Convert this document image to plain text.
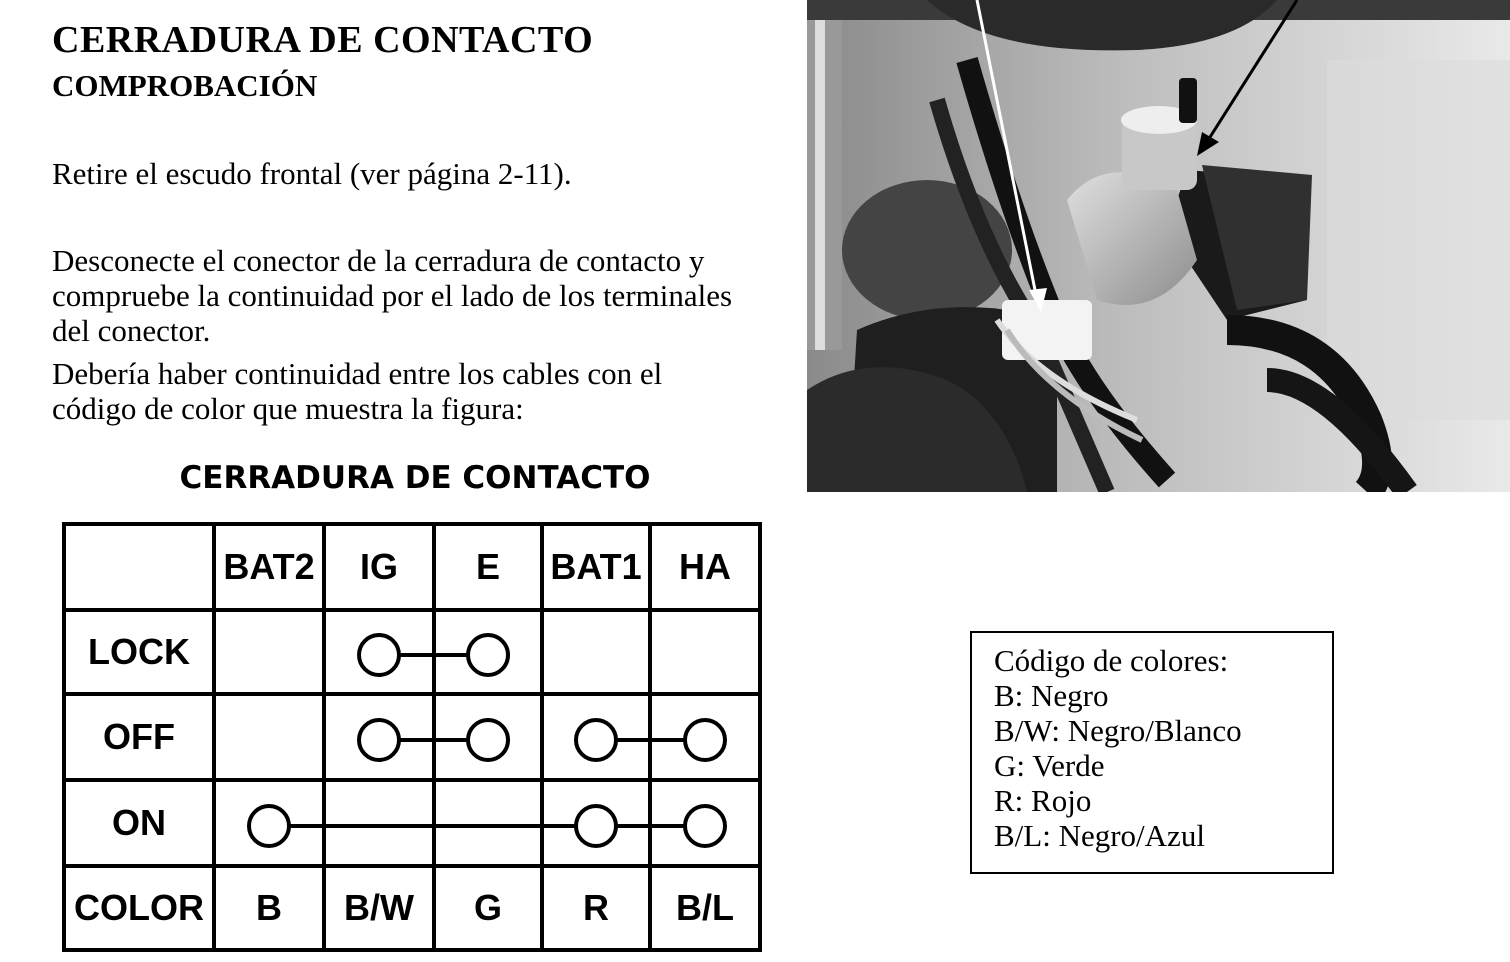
CERRADURA DE CONTACTO
COMPROBACIÓN
Retire el escudo frontal (ver página 2-11).
Desconecte el conector de la cerradura de contacto y compruebe la continuidad por el lado de los terminales del conector.
Debería haber continuidad entre los cables con el código de color que muestra la figura:
CERRADURA DE CONTACTO
BAT2 IG E BAT1 HA
LOCK
OFF
ON
COLOR B B/W G R B/L
Código de colores:
B: Negro
B/W: Negro/Blanco
G: Verde
R: Rojo
B/L: Negro/Azul
